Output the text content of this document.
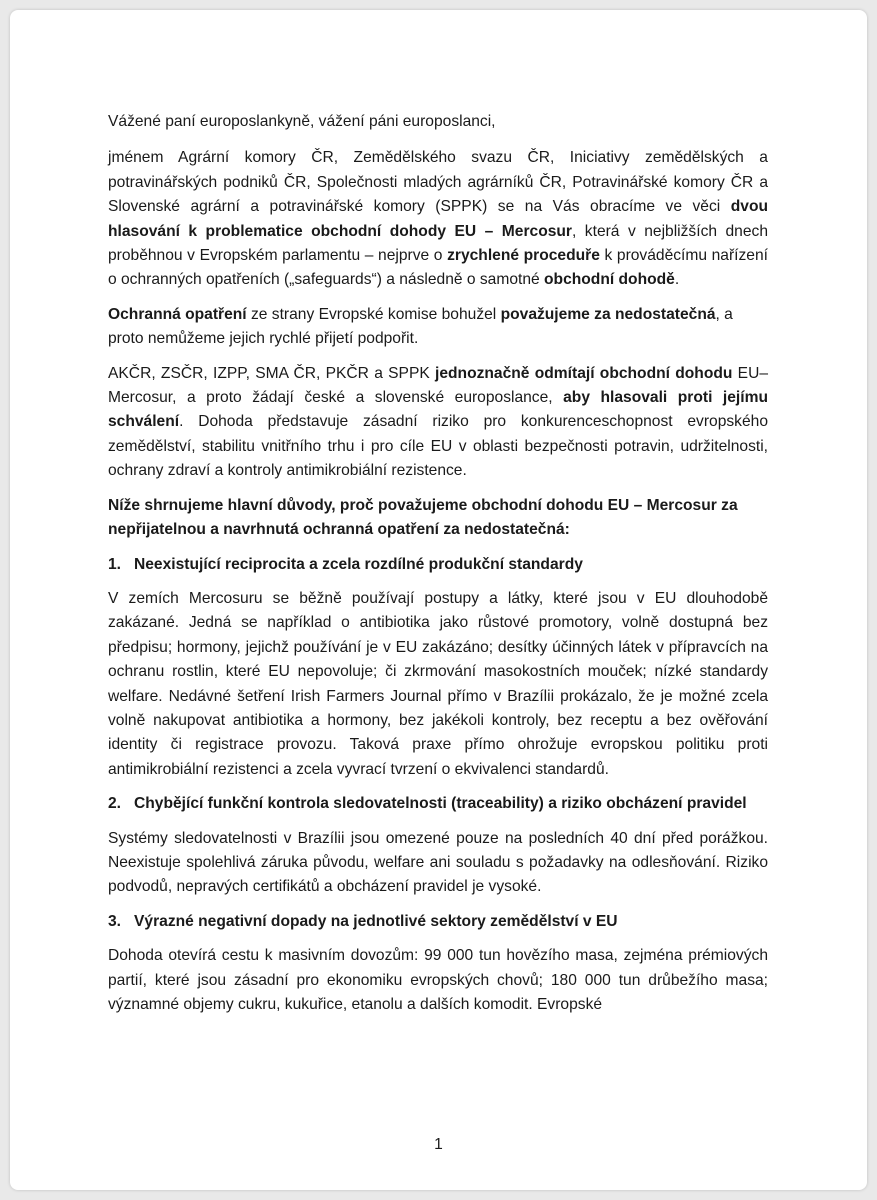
Vážené paní europoslankyně, vážení páni europoslanci,

jménem Agrární komory ČR, Zemědělského svazu ČR, Iniciativy zemědělských a potravinářských podniků ČR, Společnosti mladých agrárníků ČR, Potravinářské komory ČR a Slovenské agrární a potravinářské komory (SPPK) se na Vás obracíme ve věci dvou hlasování k problematice obchodní dohody EU – Mercosur, která v nejbližších dnech proběhnou v Evropském parlamentu – nejprve o zrychlené proceduře k prováděcímu nařízení o ochranných opatřeních („safeguards“) a následně o samotné obchodní dohodě.

Ochranná opatření ze strany Evropské komise bohužel považujeme za nedostatečná, a proto nemůžeme jejich rychlé přijetí podpořit.

AKČR, ZSČR, IZPP, SMA ČR, PKČR a SPPK jednoznačně odmítají obchodní dohodu EU–Mercosur, a proto žádají české a slovenské europoslance, aby hlasovali proti jejímu schválení. Dohoda představuje zásadní riziko pro konkurenceschopnost evropského zemědělství, stabilitu vnitřního trhu i pro cíle EU v oblasti bezpečnosti potravin, udržitelnosti, ochrany zdraví a kontroly antimikrobiální rezistence.

Níže shrnujeme hlavní důvody, proč považujeme obchodní dohodu EU – Mercosur za nepřijatelnou a navrhnutá ochranná opatření za nedostatečná:

1. Neexistující reciprocita a zcela rozdílné produkční standardy

V zemích Mercosuru se běžně používají postupy a látky, které jsou v EU dlouhodobě zakázané. Jedná se například o antibiotika jako růstové promotory, volně dostupná bez předpisu; hormony, jejichž používání je v EU zakázáno; desítky účinných látek v přípravcích na ochranu rostlin, které EU nepovoluje; či zkrmování masokostních mouček; nízké standardy welfare. Nedávné šetření Irish Farmers Journal přímo v Brazílii prokázalo, že je možné zcela volně nakupovat antibiotika a hormony, bez jakékoli kontroly, bez receptu a bez ověřování identity či registrace provozu. Taková praxe přímo ohrožuje evropskou politiku proti antimikrobiální rezistenci a zcela vyvrací tvrzení o ekvivalenci standardů.

2. Chybějící funkční kontrola sledovatelnosti (traceability) a riziko obcházení pravidel

Systémy sledovatelnosti v Brazílii jsou omezené pouze na posledních 40 dní před porážkou. Neexistuje spolehlivá záruka původu, welfare ani souladu s požadavky na odlesňování. Riziko podvodů, nepravých certifikátů a obcházení pravidel je vysoké.

3. Výrazné negativní dopady na jednotlivé sektory zemědělství v EU

Dohoda otevírá cestu k masivním dovozům: 99 000 tun hovězího masa, zejména prémiových partií, které jsou zásadní pro ekonomiku evropských chovů; 180 000 tun drůbežího masa; významné objemy cukru, kukuřice, etanolu a dalších komodit. Evropské

1
